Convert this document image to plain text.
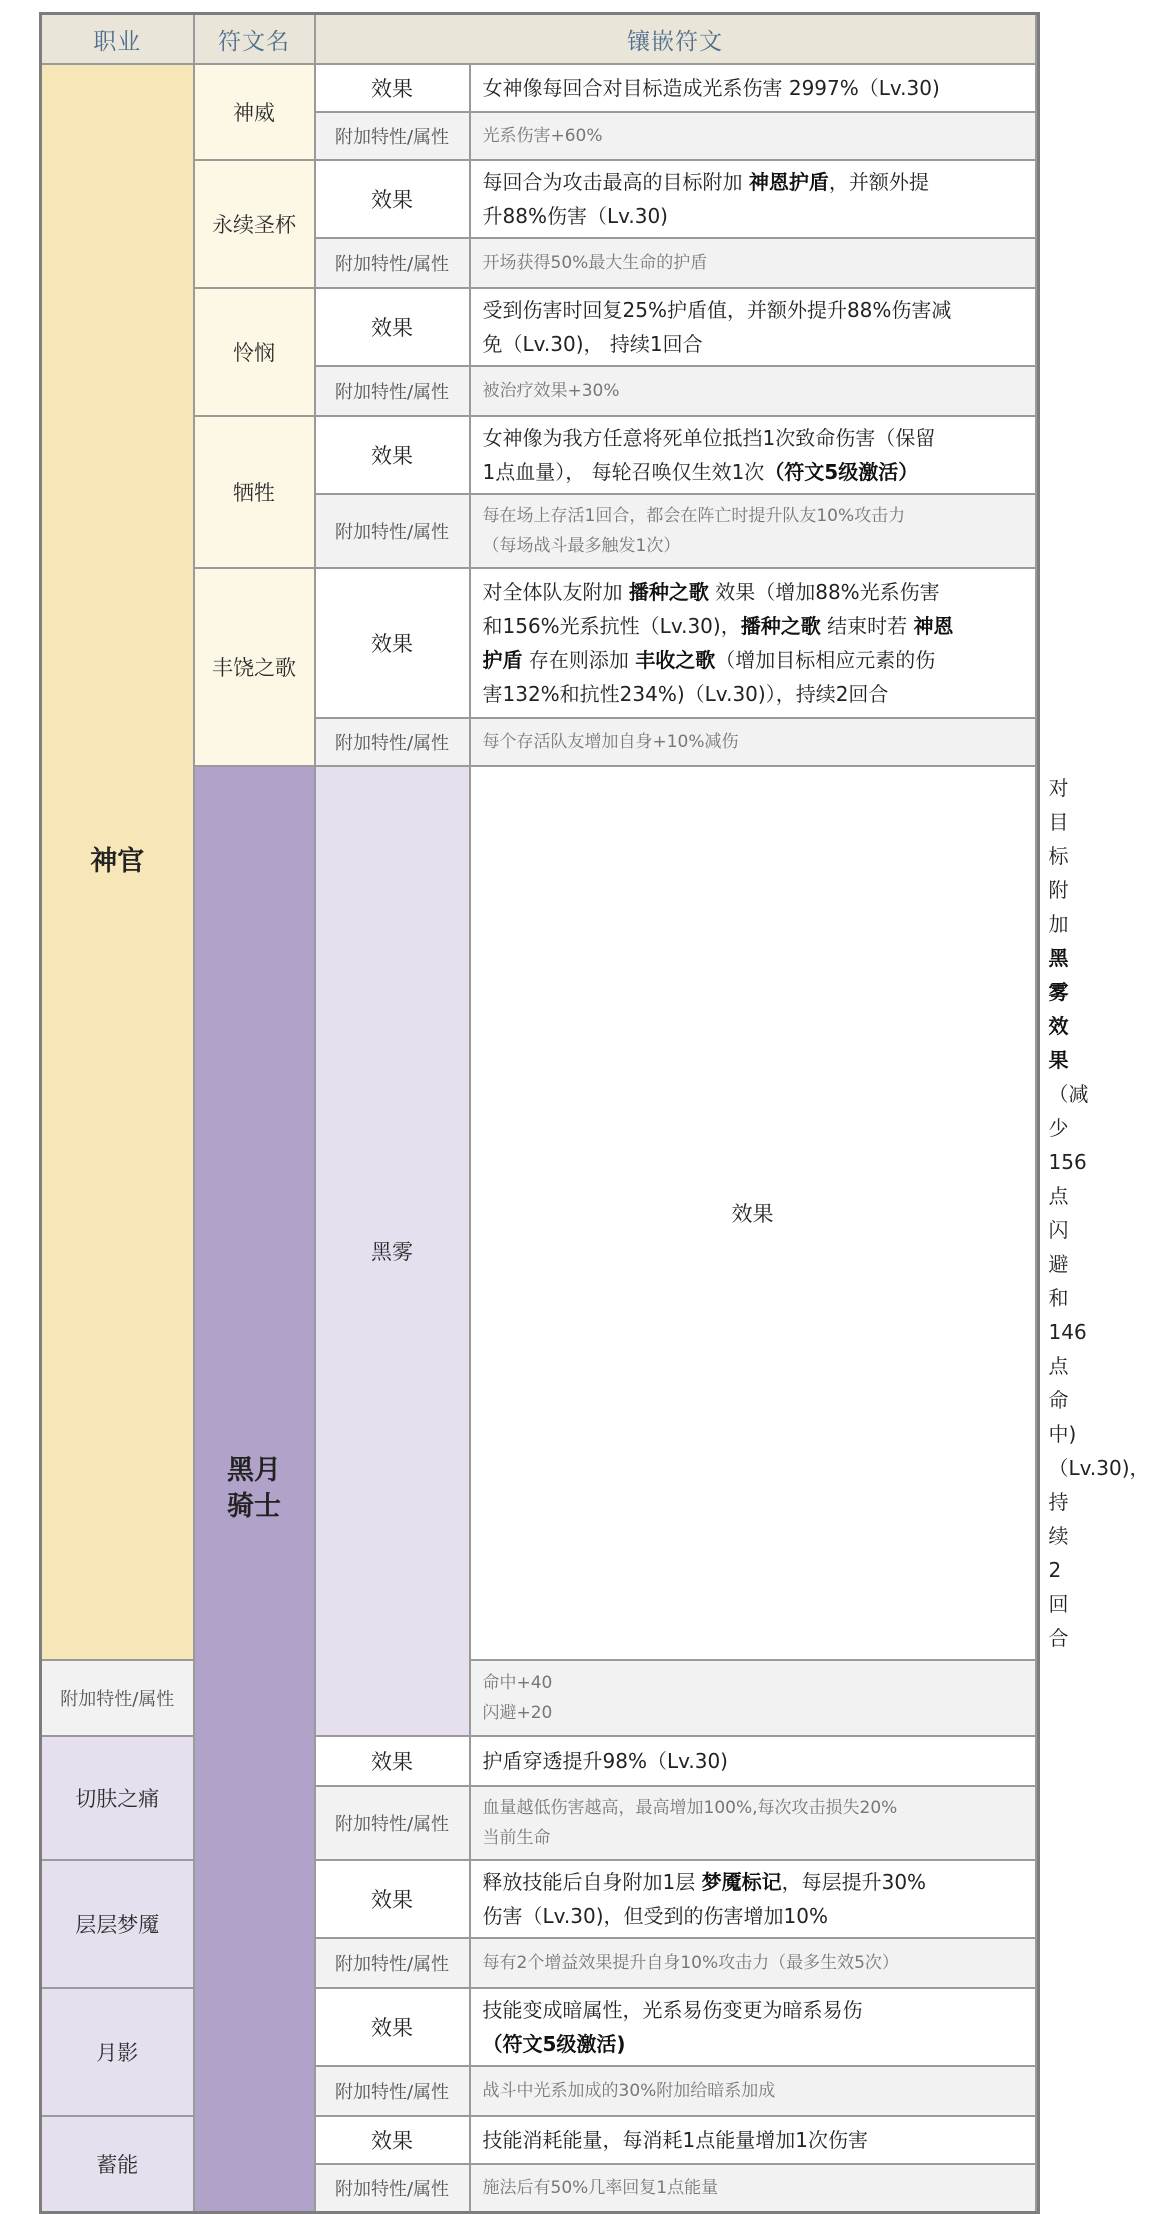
职业	符文名	镶嵌符文		
神官	神威	效果	女神像每回合对目标造成光系伤害 2997%（Lv.30)	
		附加特性/属性	光系伤害+60%	
	永续圣杯	效果	每回合为攻击最高的目标附加 神恩护盾，并额外提
升88%伤害（Lv.30)	
		附加特性/属性	开场获得50%最大生命的护盾	
	怜悯	效果	受到伤害时回复25%护盾值，并额外提升88%伤害减
免（Lv.30)， 持续1回合	
		附加特性/属性	被治疗效果+30%	
	牺牲	效果	女神像为我方任意将死单位抵挡1次致命伤害（保留
1点血量）， 每轮召唤仅生效1次（符文5级激活）	
		附加特性/属性	每在场上存活1回合，都会在阵亡时提升队友10%攻击力
（每场战斗最多触发1次）	
	丰饶之歌	效果	对全体队友附加 播种之歌 效果（增加88%光系伤害
和156%光系抗性（Lv.30)，播种之歌 结束时若 神恩
护盾 存在则添加 丰收之歌（增加目标相应元素的伤
害132%和抗性234%)（Lv.30)），持续2回合	
		附加特性/属性	每个存活队友增加自身+10%减伤	
	黑月
骑士	黑雾	效果	对目标附加 黑雾效果（减少156点闪避和146点命中)
（Lv.30)，持续2回合
附加特性/属性			命中+40
闪避+20	
切肤之痛		效果	护盾穿透提升98%（Lv.30)	
		附加特性/属性	血量越低伤害越高，最高增加100%,每次攻击损失20%
当前生命	
层层梦魇		效果	释放技能后自身附加1层 梦魇标记，每层提升30%
伤害（Lv.30)，但受到的伤害增加10%	
		附加特性/属性	每有2个增益效果提升自身10%攻击力（最多生效5次）	
月影		效果	技能变成暗属性，光系易伤变更为暗系易伤
（符文5级激活)	
		附加特性/属性	战斗中光系加成的30%附加给暗系加成	
蓄能		效果	技能消耗能量，每消耗1点能量增加1次伤害	
		附加特性/属性	施法后有50%几率回复1点能量	
